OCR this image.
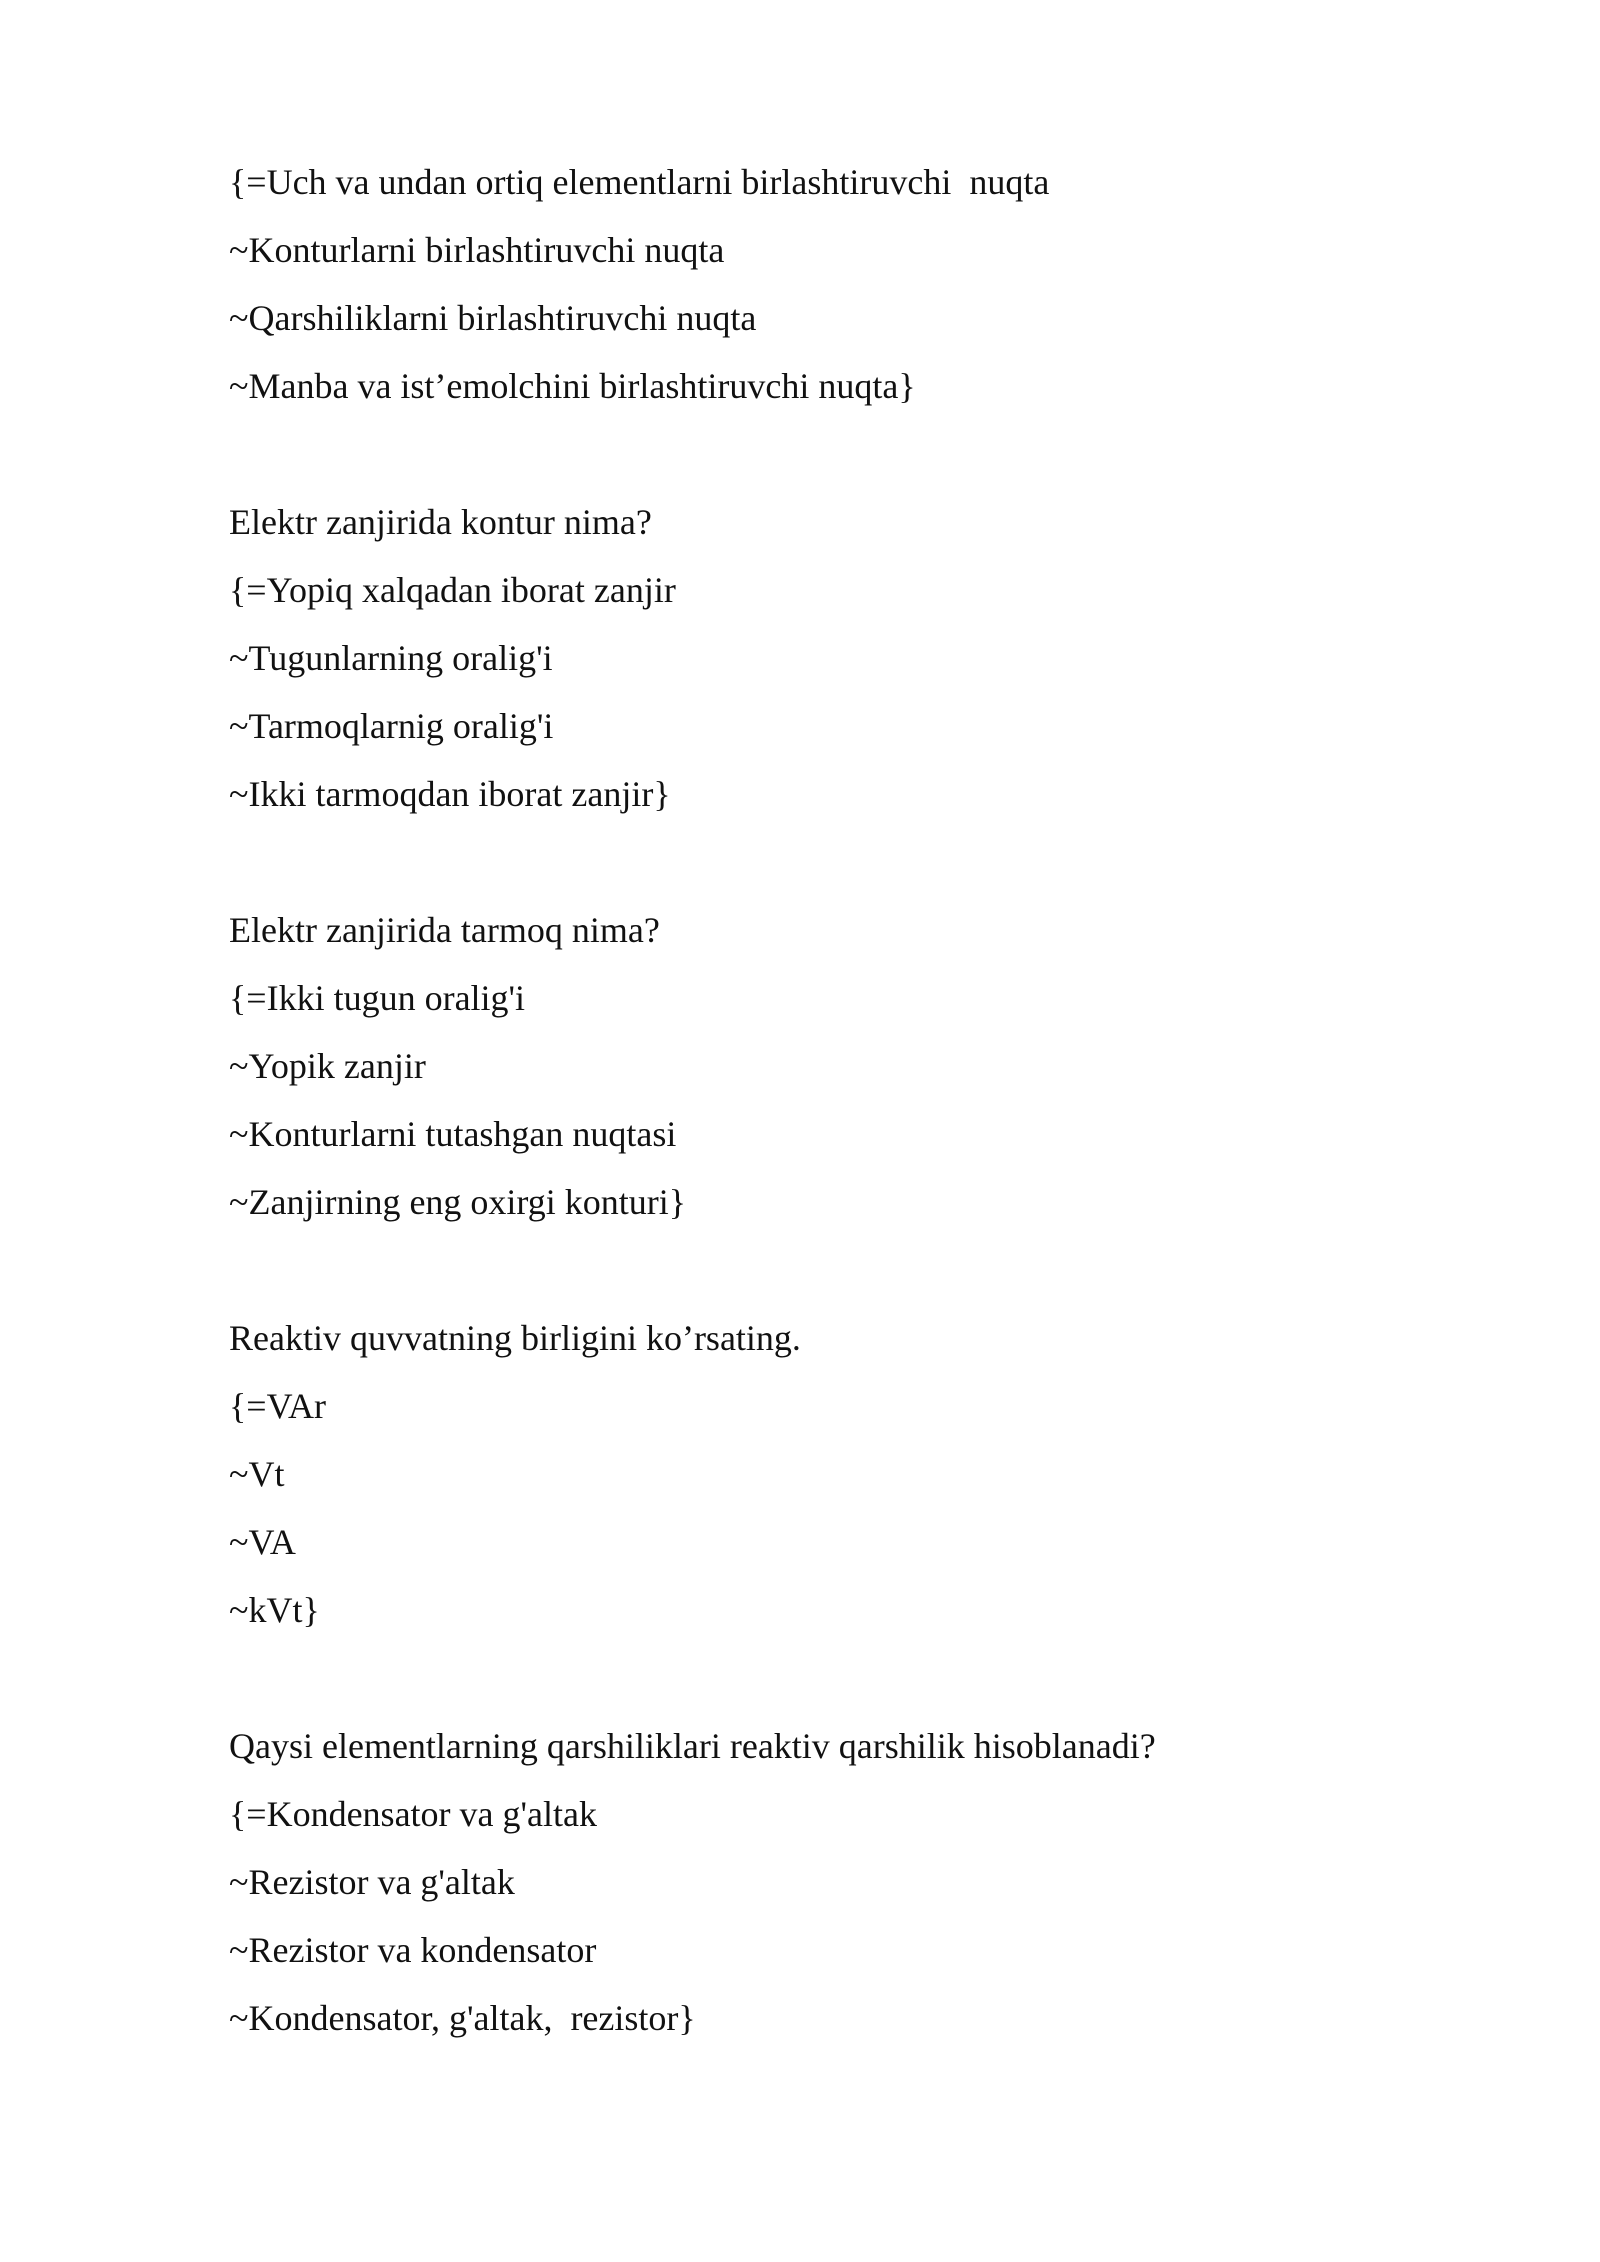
{=Uch va undan ortiq elementlarni birlashtiruvchi  nuqta
~Konturlarni birlashtiruvchi nuqta
~Qarshiliklarni birlashtiruvchi nuqta
~Manba va ist’emolchini birlashtiruvchi nuqta}
Elektr zanjirida kontur nima?
{=Yopiq xalqadan iborat zanjir
~Tugunlarning oralig'i
~Tarmoqlarnig oralig'i
~Ikki tarmoqdan iborat zanjir}
Elektr zanjirida tarmoq nima?
{=Ikki tugun oralig'i
~Yopik zanjir
~Konturlarni tutashgan nuqtasi
~Zanjirning eng oxirgi konturi}
Reaktiv quvvatning birligini ko’rsating.
{=VAr
~Vt
~VA
~kVt}
Qaysi elementlarning qarshiliklari reaktiv qarshilik hisoblanadi?
{=Kondensator va g'altak
~Rezistor va g'altak
~Rezistor va kondensator
~Kondensator, g'altak,  rezistor}
